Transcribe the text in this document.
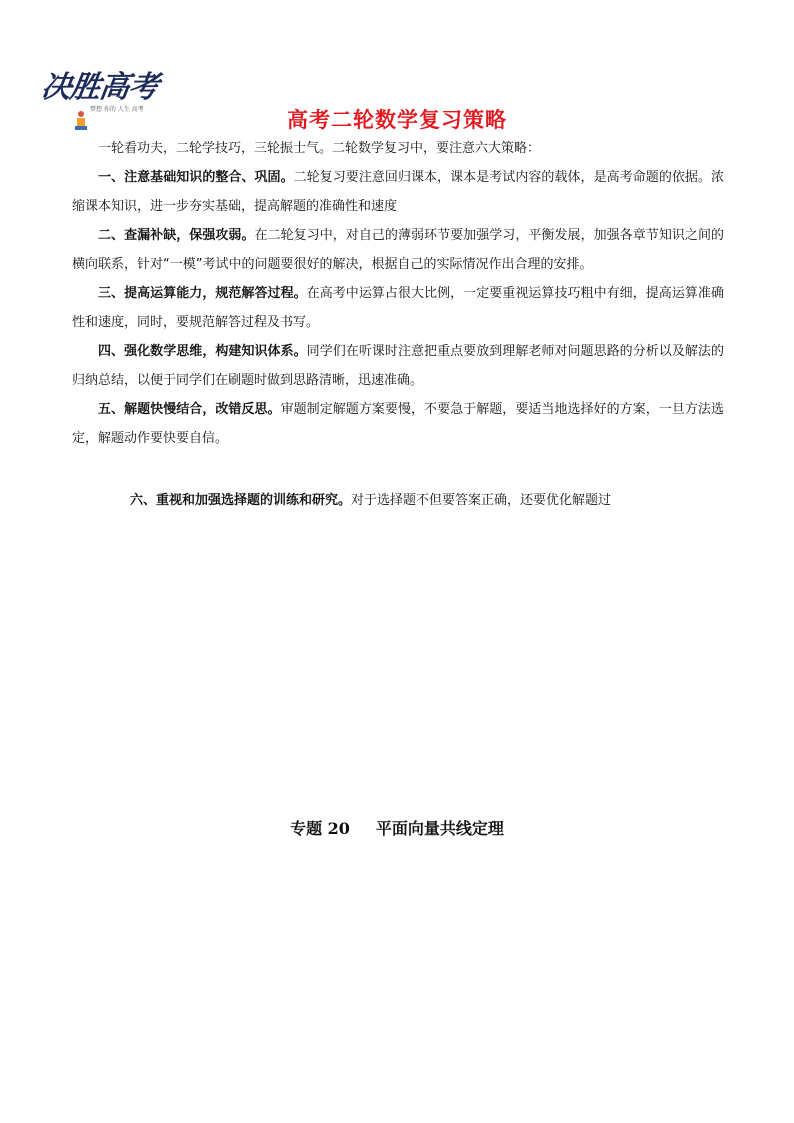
决胜高考
梦想 你的 人生 高考	高考二轮数学复习策略

一轮看功夫，二轮学技巧，三轮振士气。二轮数学复习中，要注意六大策略：

一、注意基础知识的整合、巩固。二轮复习要注意回归课本，课本是考试内容的载体，是高考命题的依据。浓缩课本知识，进一步夯实基础，提高解题的准确性和速度

二、查漏补缺，保强攻弱。在二轮复习中，对自己的薄弱环节要加强学习，平衡发展，加强各章节知识之间的横向联系，针对“一模”考试中的问题要很好的解决，根据自己的实际情况作出合理的安排。

三、提高运算能力，规范解答过程。在高考中运算占很大比例，一定要重视运算技巧粗中有细，提高运算准确性和速度，同时，要规范解答过程及书写。

四、强化数学思维，构建知识体系。同学们在听课时注意把重点要放到理解老师对问题思路的分析以及解法的归纳总结，以便于同学们在刷题时做到思路清晰，迅速准确。

五、解题快慢结合，改错反思。审题制定解题方案要慢，不要急于解题，要适当地选择好的方案，一旦方法选定，解题动作要快要自信。

六、重视和加强选择题的训练和研究。对于选择题不但要答案正确，还要优化解题过
专题 20 平面向量共线定理
